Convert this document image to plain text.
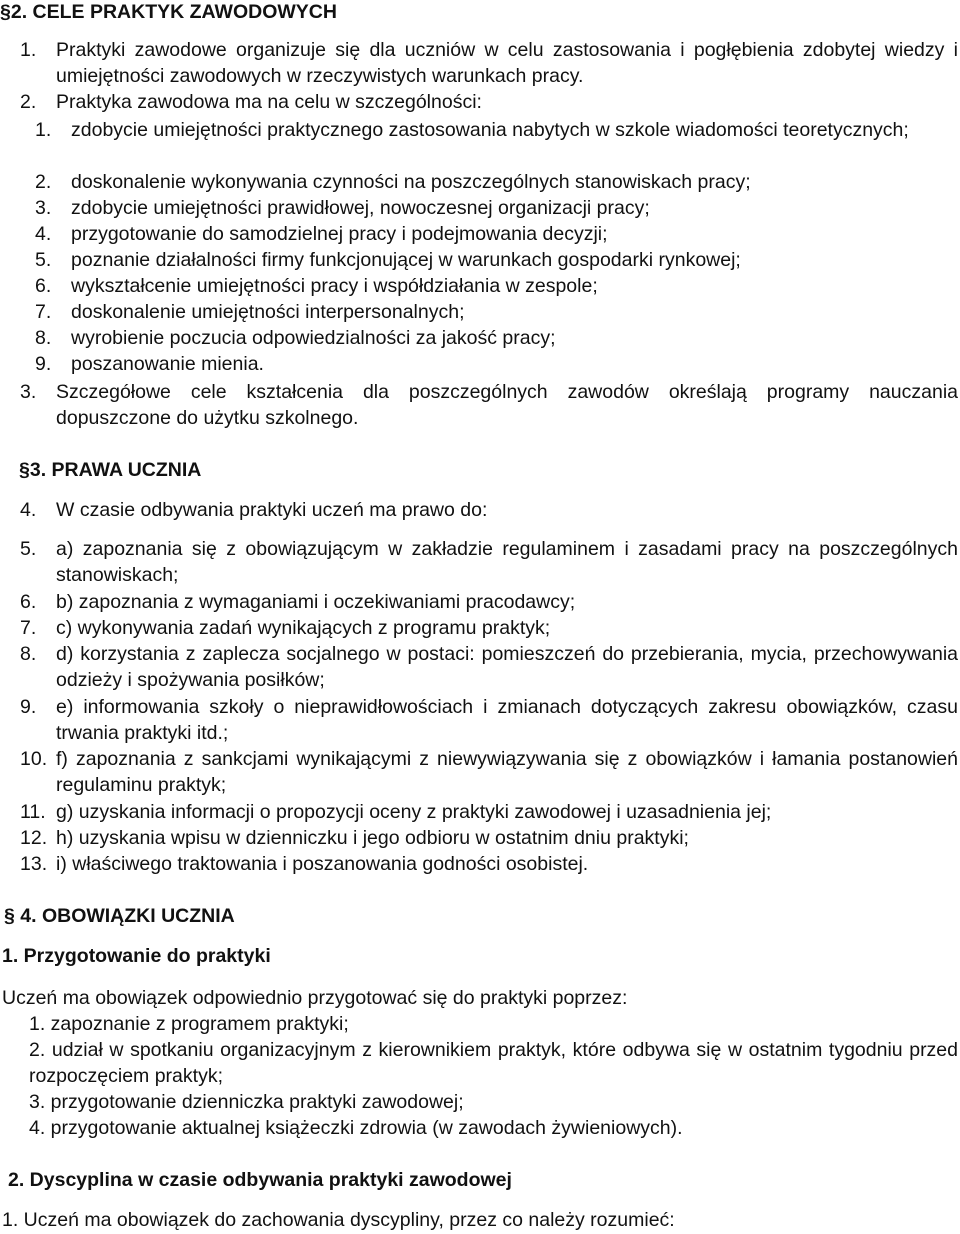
§2. CELE PRAKTYK ZAWODOWYCH
1.	Praktyki zawodowe organizuje się dla uczniów w celu zastosowania i pogłębienia zdobytej wiedzy i umiejętności zawodowych w rzeczywistych warunkach pracy.
2.	Praktyka zawodowa ma na celu w szczególności:
1.	zdobycie umiejętności praktycznego zastosowania nabytych w szkole wiadomości teoretycznych;
2.	doskonalenie wykonywania czynności na poszczególnych stanowiskach pracy;
3.	zdobycie umiejętności prawidłowej, nowoczesnej organizacji pracy;
4.	przygotowanie do samodzielnej pracy i podejmowania decyzji;
5.	poznanie działalności firmy funkcjonującej w warunkach gospodarki rynkowej;
6.	wykształcenie umiejętności pracy i współdziałania w zespole;
7.	doskonalenie umiejętności interpersonalnych;
8.	wyrobienie poczucia odpowiedzialności za jakość pracy;
9.	poszanowanie mienia.
3.	Szczegółowe cele kształcenia dla poszczególnych zawodów określają programy nauczania dopuszczone do użytku szkolnego.
§3. PRAWA UCZNIA
4.	W czasie odbywania praktyki uczeń ma prawo do:
5.	a) zapoznania się z obowiązującym w zakładzie regulaminem i zasadami pracy na poszczególnych stanowiskach;
6.	b) zapoznania z wymaganiami i oczekiwaniami pracodawcy;
7.	c) wykonywania zadań wynikających z programu praktyk;
8.	d) korzystania z zaplecza socjalnego w postaci: pomieszczeń do przebierania, mycia, przechowywania odzieży i spożywania posiłków;
9.	e) informowania szkoły o nieprawidłowościach i zmianach dotyczących zakresu obowiązków, czasu trwania praktyki itd.;
10. f) zapoznania z sankcjami wynikającymi z niewywiązywania się z obowiązków i łamania postanowień regulaminu praktyk;
11. g) uzyskania informacji o propozycji oceny z praktyki zawodowej i uzasadnienia jej;
12. h) uzyskania wpisu w dzienniczku i jego odbioru w ostatnim dniu praktyki;
13. i) właściwego traktowania i poszanowania godności osobistej.
§ 4. OBOWIĄZKI UCZNIA
1. Przygotowanie do praktyki
Uczeń ma obowiązek odpowiednio przygotować się do praktyki poprzez:
1. zapoznanie z programem praktyki;
2. udział w spotkaniu organizacyjnym z kierownikiem praktyk, które odbywa się w ostatnim tygodniu przed rozpoczęciem praktyk;
3. przygotowanie dzienniczka praktyki zawodowej;
4. przygotowanie aktualnej książeczki zdrowia (w zawodach żywieniowych).
2. Dyscyplina w czasie odbywania praktyki zawodowej
1. Uczeń ma obowiązek do zachowania dyscypliny, przez co należy rozumieć:
